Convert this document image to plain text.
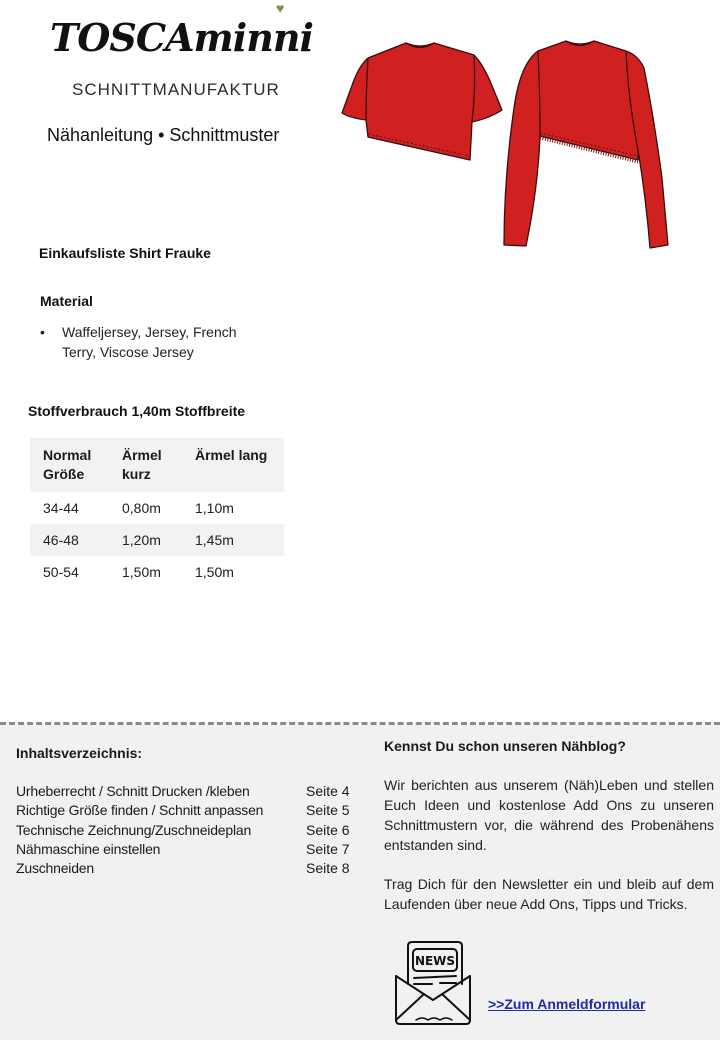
TOSCAminni
♥
SCHNITTMANUFAKTUR
Nähanleitung • Schnittmuster
Einkaufsliste Shirt Frauke
Material
• Waffeljersey, Jersey, French Terry, Viscose Jersey
Stoffverbrauch 1,40m Stoffbreite
Normal Größe	Ärmel kurz	Ärmel lang
34-44	0,80m	1,10m
46-48	1,20m	1,45m
50-54	1,50m	1,50m
Inhaltsverzeichnis:
Urheberrecht / Schnitt Drucken /kleben	Seite 4
Richtige Größe finden / Schnitt anpassen	Seite 5
Technische Zeichnung/Zuschneideplan	Seite 6
Nähmaschine einstellen	Seite 7
Zuschneiden	Seite 8
Kennst Du schon unseren Nähblog?

Wir berichten aus unserem (Näh)Leben und stellen Euch Ideen und kostenlose Add Ons zu unseren Schnittmustern vor, die während des Probenähens entstanden sind.

Trag Dich für den Newsletter ein und bleib auf dem Laufenden über neue Add Ons, Tipps und Tricks.

NEWS
>>Zum Anmeldformular
